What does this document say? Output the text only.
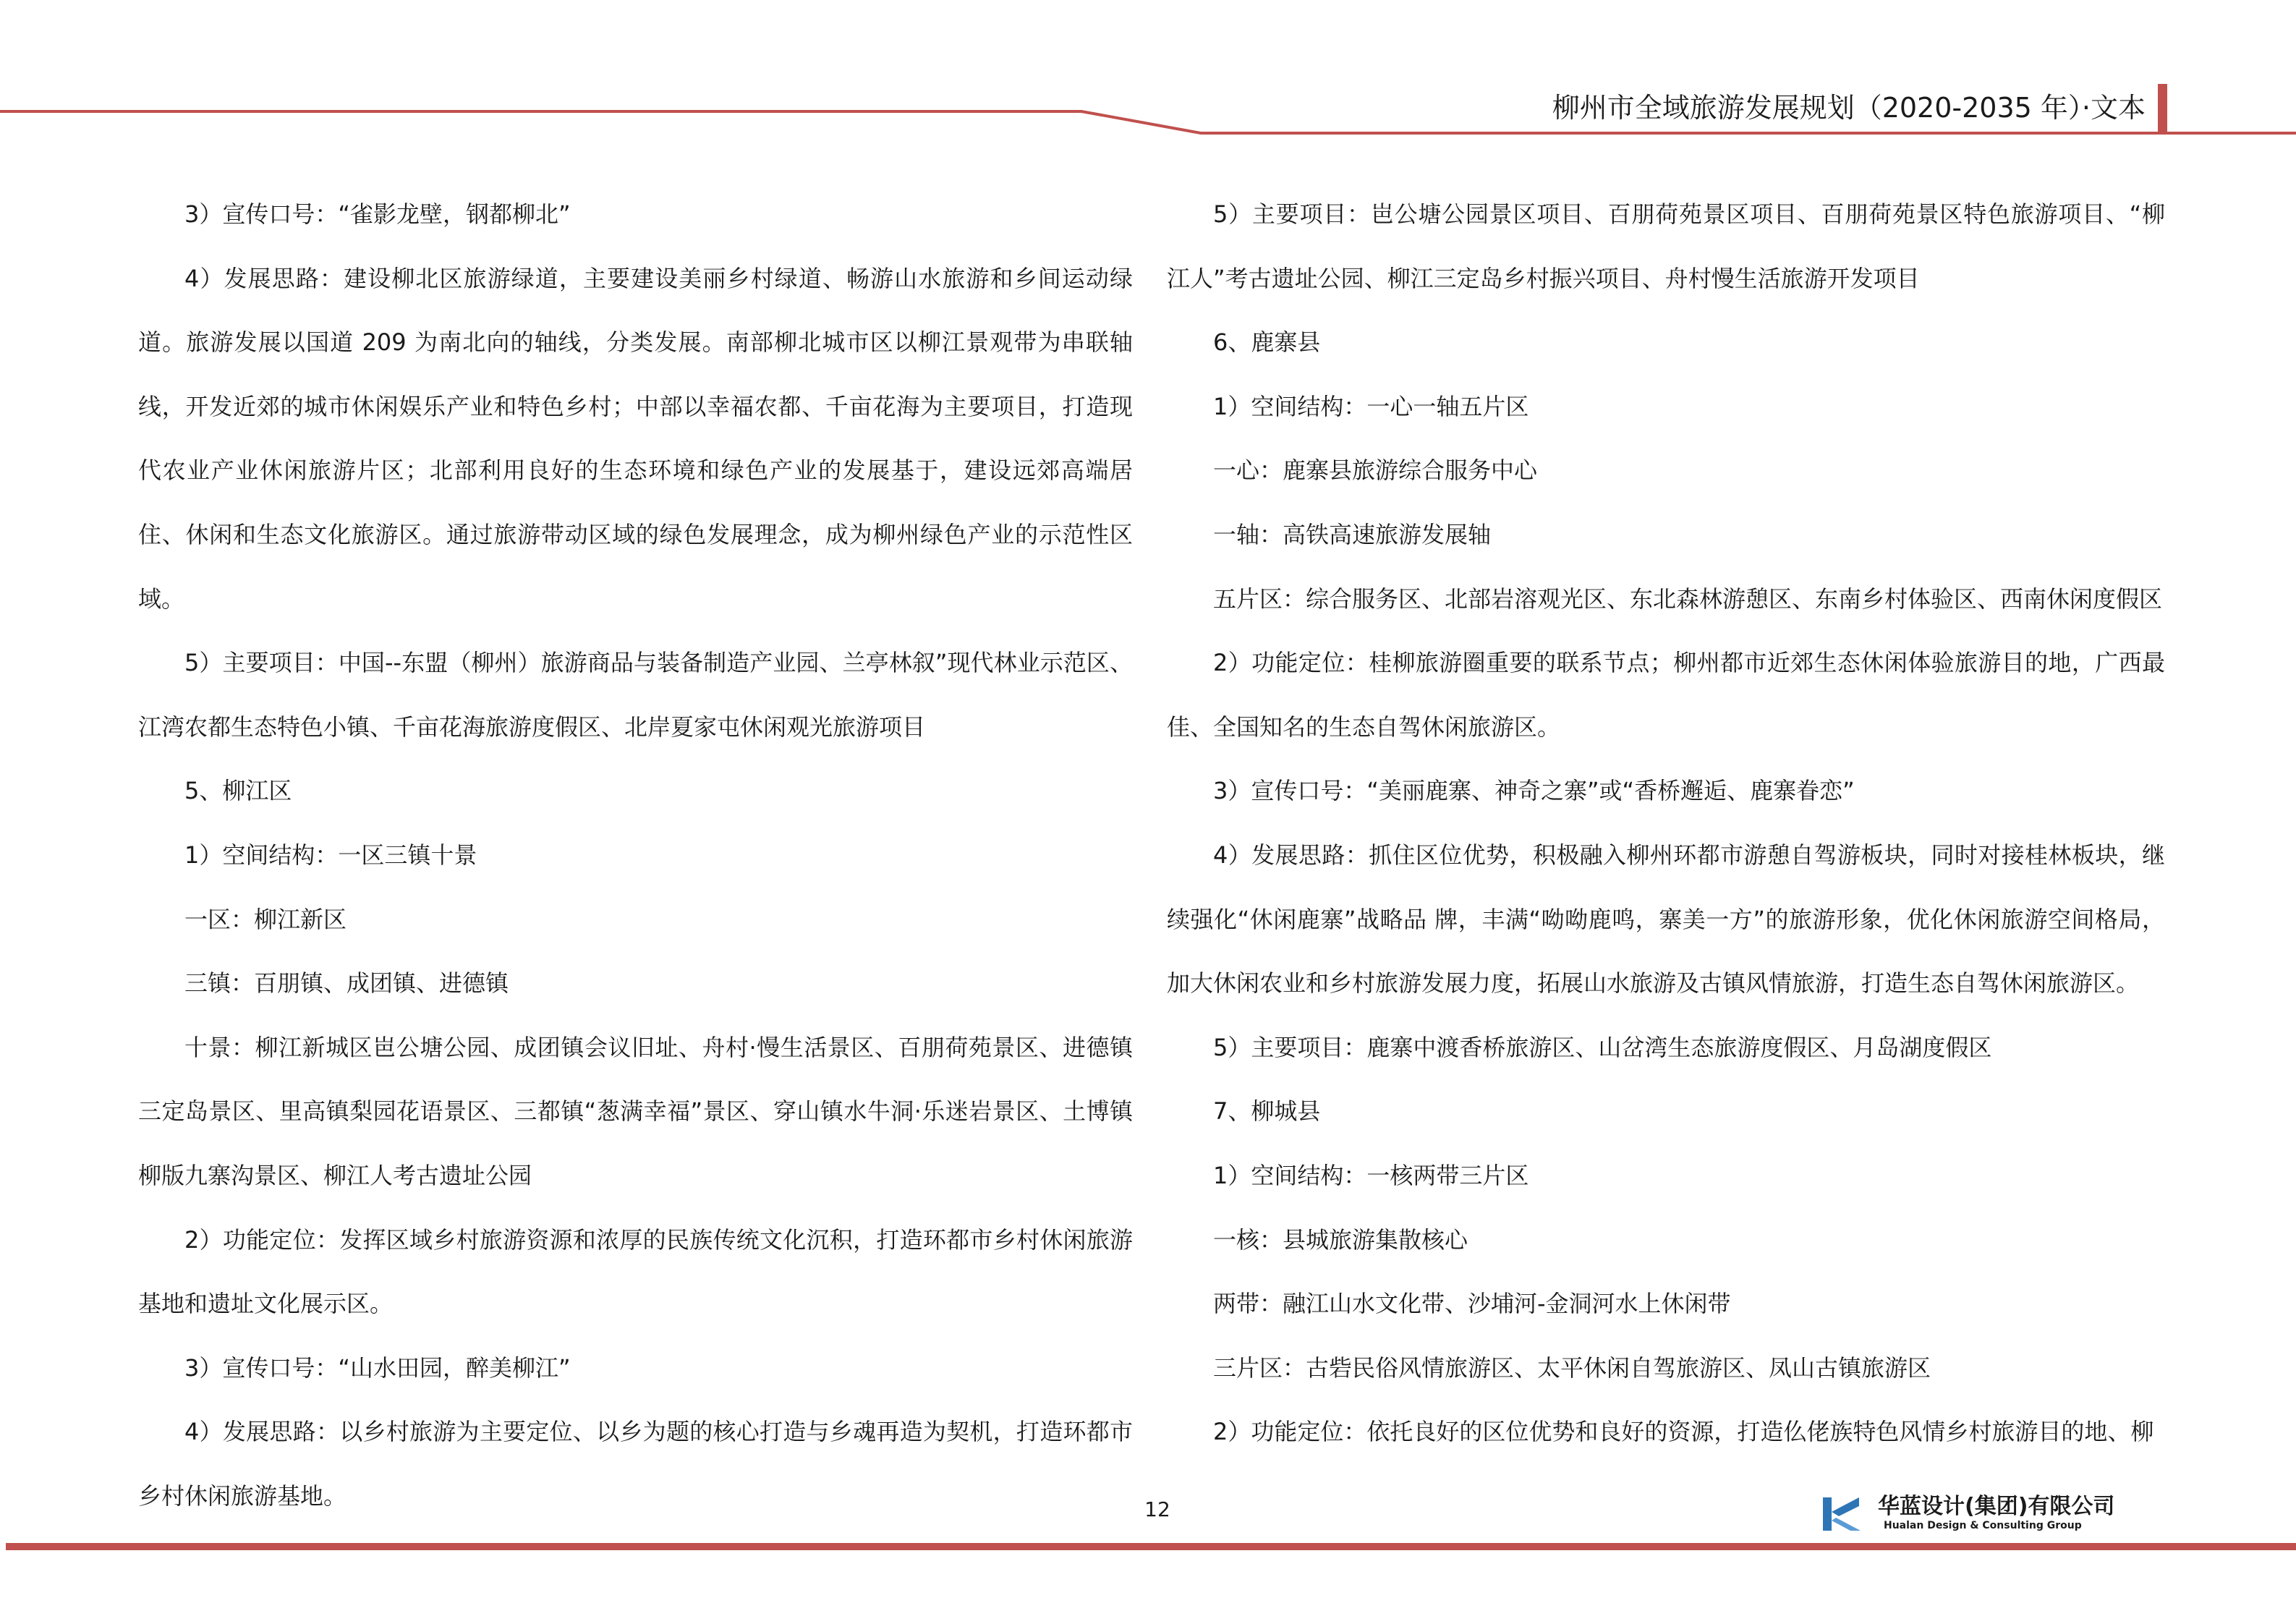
柳州市全域旅游发展规划（2020-2035 年）·文本

3）宣传口号：“雀影龙壁，钢都柳北”

4）发展思路：建设柳北区旅游绿道，主要建设美丽乡村绿道、畅游山水旅游和乡间运动绿道。旅游发展以国道 209 为南北向的轴线，分类发展。南部柳北城市区以柳江景观带为串联轴线，开发近郊的城市休闲娱乐产业和特色乡村；中部以幸福农都、千亩花海为主要项目，打造现代农业产业休闲旅游片区；北部利用良好的生态环境和绿色产业的发展基于，建设远郊高端居住、休闲和生态文化旅游区。通过旅游带动区域的绿色发展理念，成为柳州绿色产业的示范性区域。

5）主要项目：中国--东盟（柳州）旅游商品与装备制造产业园、兰亭林叙”现代林业示范区、江湾农都生态特色小镇、千亩花海旅游度假区、北岸夏家屯休闲观光旅游项目

5、柳江区

1）空间结构：一区三镇十景

一区：柳江新区

三镇：百朋镇、成团镇、进德镇

十景：柳江新城区岜公塘公园、成团镇会议旧址、舟村·慢生活景区、百朋荷苑景区、进德镇三定岛景区、里高镇梨园花语景区、三都镇“葱满幸福”景区、穿山镇水牛洞·乐迷岩景区、土博镇柳版九寨沟景区、柳江人考古遗址公园

2）功能定位：发挥区域乡村旅游资源和浓厚的民族传统文化沉积，打造环都市乡村休闲旅游基地和遗址文化展示区。

3）宣传口号：“山水田园，醉美柳江”

4）发展思路：以乡村旅游为主要定位、以乡为题的核心打造与乡魂再造为契机，打造环都市乡村休闲旅游基地。

5）主要项目：岜公塘公园景区项目、百朋荷苑景区项目、百朋荷苑景区特色旅游项目、“柳江人”考古遗址公园、柳江三定岛乡村振兴项目、舟村慢生活旅游开发项目

6、鹿寨县

1）空间结构：一心一轴五片区

一心：鹿寨县旅游综合服务中心

一轴：高铁高速旅游发展轴

五片区：综合服务区、北部岩溶观光区、东北森林游憩区、东南乡村体验区、西南休闲度假区

2）功能定位：桂柳旅游圈重要的联系节点；柳州都市近郊生态休闲体验旅游目的地，广西最佳、全国知名的生态自驾休闲旅游区。

3）宣传口号：“美丽鹿寨、神奇之寨”或“香桥邂逅、鹿寨眷恋”

4）发展思路：抓住区位优势，积极融入柳州环都市游憩自驾游板块，同时对接桂林板块，继续强化“休闲鹿寨”战略品 牌，丰满“呦呦鹿鸣，寨美一方”的旅游形象，优化休闲旅游空间格局，加大休闲农业和乡村旅游发展力度，拓展山水旅游及古镇风情旅游，打造生态自驾休闲旅游区。

5）主要项目：鹿寨中渡香桥旅游区、山岔湾生态旅游度假区、月岛湖度假区

7、柳城县

1）空间结构：一核两带三片区

一核：县城旅游集散核心

两带：融江山水文化带、沙埔河-金洞河水上休闲带

三片区：古砦民俗风情旅游区、太平休闲自驾旅游区、凤山古镇旅游区

2）功能定位：依托良好的区位优势和良好的资源，打造仫佬族特色风情乡村旅游目的地、柳

12	华蓝设计(集团)有限公司
Hualan Design & Consulting Group
